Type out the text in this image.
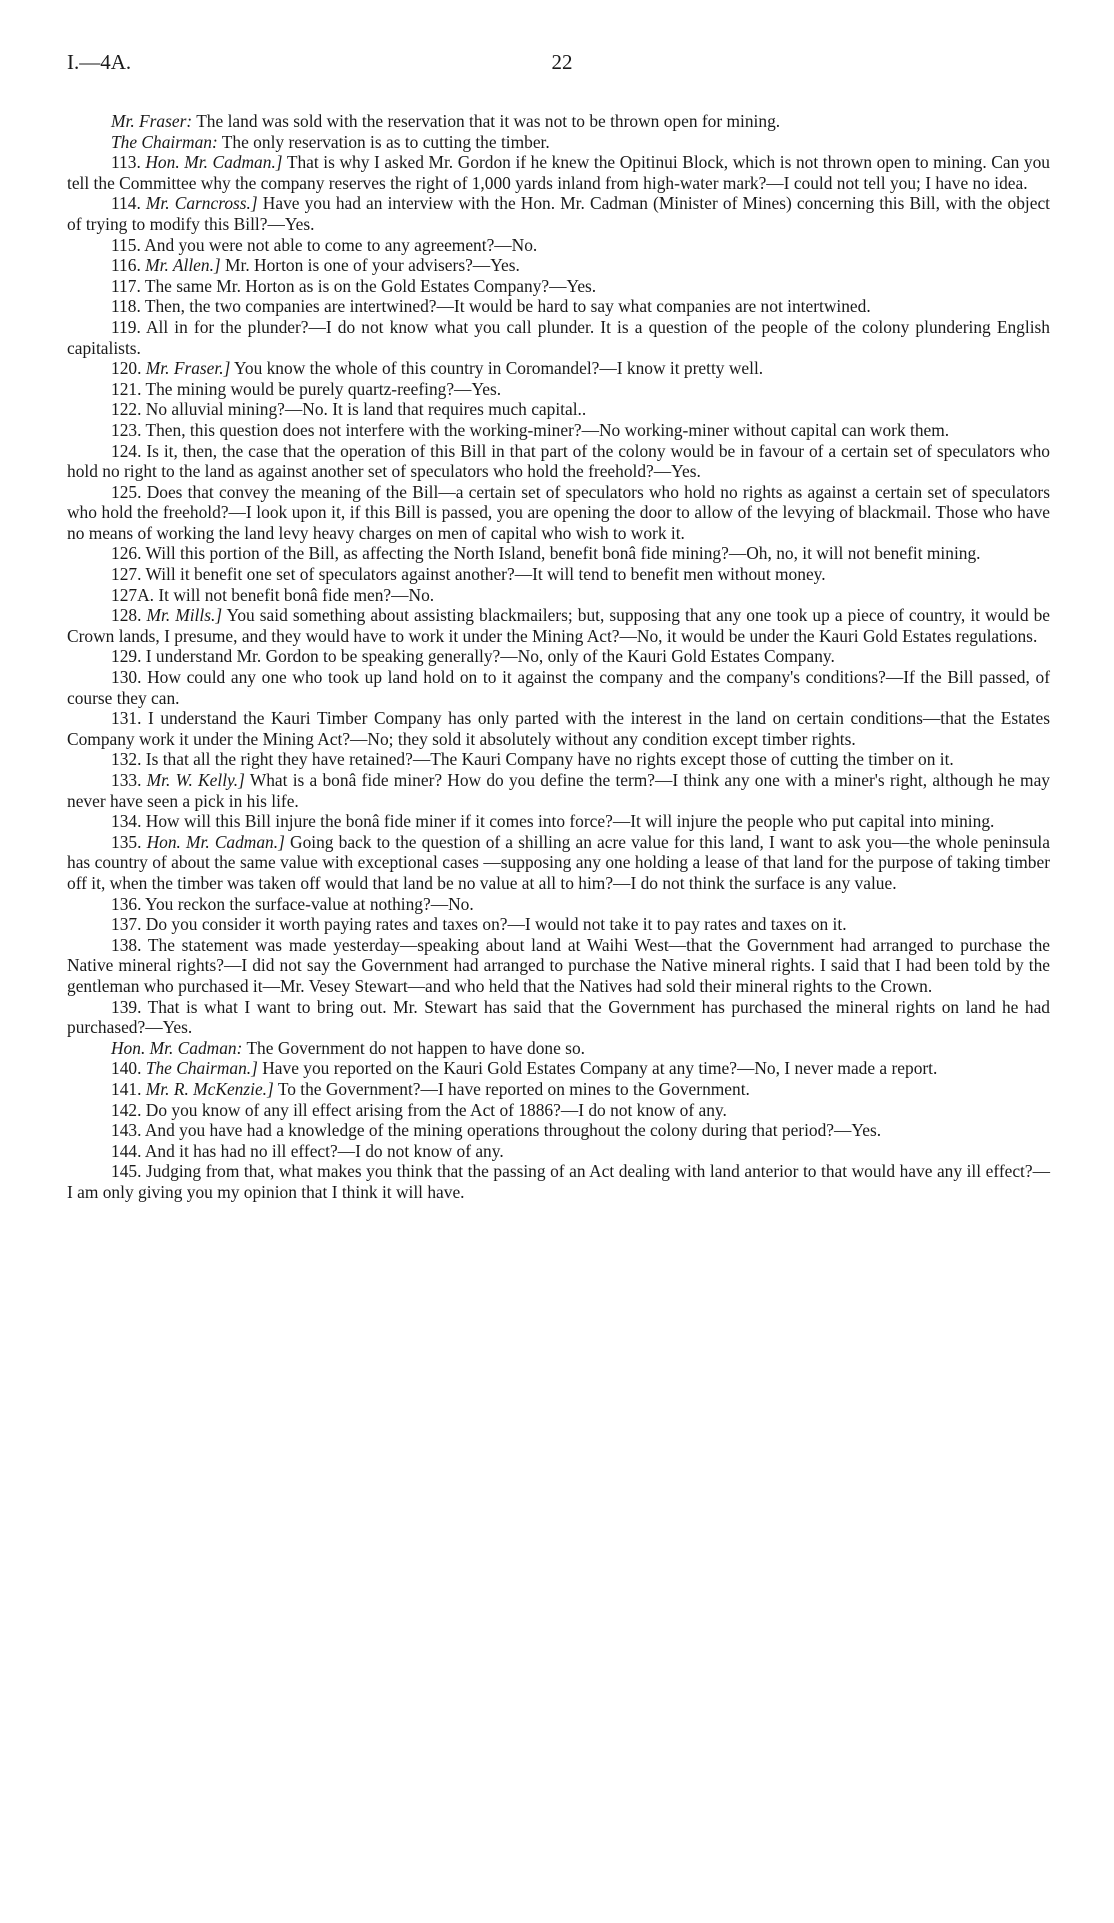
I.—4A.	22

Mr. Fraser: The land was sold with the reservation that it was not to be thrown open for mining.

The Chairman: The only reservation is as to cutting the timber.

113. Hon. Mr. Cadman.] That is why I asked Mr. Gordon if he knew the Opitinui Block, which is not thrown open to mining. Can you tell the Committee why the company reserves the right of 1,000 yards inland from high-water mark?—I could not tell you; I have no idea.

114. Mr. Carncross.] Have you had an interview with the Hon. Mr. Cadman (Minister of Mines) concerning this Bill, with the object of trying to modify this Bill?—Yes.

115. And you were not able to come to any agreement?—No.

116. Mr. Allen.] Mr. Horton is one of your advisers?—Yes.

117. The same Mr. Horton as is on the Gold Estates Company?—Yes.

118. Then, the two companies are intertwined?—It would be hard to say what companies are not intertwined.

119. All in for the plunder?—I do not know what you call plunder. It is a question of the people of the colony plundering English capitalists.

120. Mr. Fraser.] You know the whole of this country in Coromandel?—I know it pretty well.

121. The mining would be purely quartz-reefing?—Yes.

122. No alluvial mining?—No. It is land that requires much capital..

123. Then, this question does not interfere with the working-miner?—No working-miner without capital can work them.

124. Is it, then, the case that the operation of this Bill in that part of the colony would be in favour of a certain set of speculators who hold no right to the land as against another set of speculators who hold the freehold?—Yes.

125. Does that convey the meaning of the Bill—a certain set of speculators who hold no rights as against a certain set of speculators who hold the freehold?—I look upon it, if this Bill is passed, you are opening the door to allow of the levying of blackmail. Those who have no means of working the land levy heavy charges on men of capital who wish to work it.

126. Will this portion of the Bill, as affecting the North Island, benefit bonâ fide mining?—Oh, no, it will not benefit mining.

127. Will it benefit one set of speculators against another?—It will tend to benefit men without money.

127A. It will not benefit bonâ fide men?—No.

128. Mr. Mills.] You said something about assisting blackmailers; but, supposing that any one took up a piece of country, it would be Crown lands, I presume, and they would have to work it under the Mining Act?—No, it would be under the Kauri Gold Estates regulations.

129. I understand Mr. Gordon to be speaking generally?—No, only of the Kauri Gold Estates Company.

130. How could any one who took up land hold on to it against the company and the company's conditions?—If the Bill passed, of course they can.

131. I understand the Kauri Timber Company has only parted with the interest in the land on certain conditions—that the Estates Company work it under the Mining Act?—No; they sold it absolutely without any condition except timber rights.

132. Is that all the right they have retained?—The Kauri Company have no rights except those of cutting the timber on it.

133. Mr. W. Kelly.] What is a bonâ fide miner? How do you define the term?—I think any one with a miner's right, although he may never have seen a pick in his life.

134. How will this Bill injure the bonâ fide miner if it comes into force?—It will injure the people who put capital into mining.

135. Hon. Mr. Cadman.] Going back to the question of a shilling an acre value for this land, I want to ask you—the whole peninsula has country of about the same value with exceptional cases —supposing any one holding a lease of that land for the purpose of taking timber off it, when the timber was taken off would that land be no value at all to him?—I do not think the surface is any value.

136. You reckon the surface-value at nothing?—No.

137. Do you consider it worth paying rates and taxes on?—I would not take it to pay rates and taxes on it.

138. The statement was made yesterday—speaking about land at Waihi West—that the Government had arranged to purchase the Native mineral rights?—I did not say the Government had arranged to purchase the Native mineral rights. I said that I had been told by the gentleman who purchased it—Mr. Vesey Stewart—and who held that the Natives had sold their mineral rights to the Crown.

139. That is what I want to bring out. Mr. Stewart has said that the Government has purchased the mineral rights on land he had purchased?—Yes.

Hon. Mr. Cadman: The Government do not happen to have done so.

140. The Chairman.] Have you reported on the Kauri Gold Estates Company at any time?—No, I never made a report.

141. Mr. R. McKenzie.] To the Government?—I have reported on mines to the Government.

142. Do you know of any ill effect arising from the Act of 1886?—I do not know of any.

143. And you have had a knowledge of the mining operations throughout the colony during that period?—Yes.

144. And it has had no ill effect?—I do not know of any.

145. Judging from that, what makes you think that the passing of an Act dealing with land anterior to that would have any ill effect?—I am only giving you my opinion that I think it will have.
